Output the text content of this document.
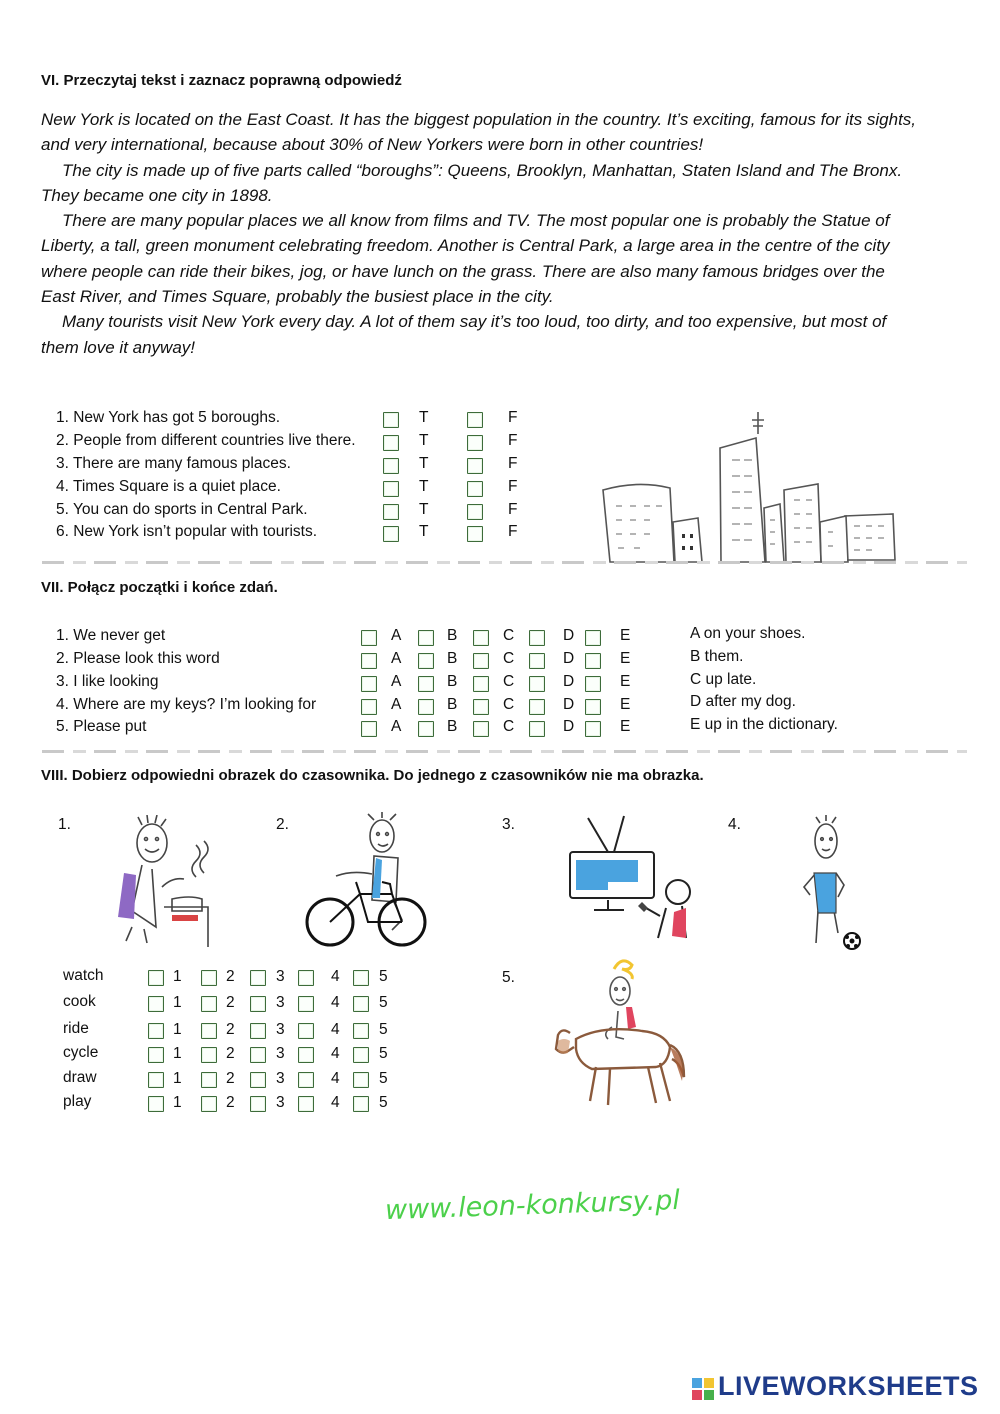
VI. Przeczytaj tekst i zaznacz poprawną odpowiedź

New York is located on the East Coast. It has the biggest population in the country. It’s exciting, famous for its sights, and very international, because about 30% of New Yorkers were born in other countries!

The city is made up of five parts called “boroughs”: Queens, Brooklyn, Manhattan, Staten Island and The Bronx. They became one city in 1898.

There are many popular places we all know from films and TV. The most popular one is probably the Statue of Liberty, a tall, green monument celebrating freedom. Another is Central Park, a large area in the centre of the city where people can ride their bikes, jog, or have lunch on the grass. There are also many famous bridges over the East River, and Times Square, probably the busiest place in the city.

Many tourists visit New York every day. A lot of them say it’s too loud, too dirty, and too expensive, but most of them love it anyway!

1. New York has got 5 boroughs.	T	F
2. People from different countries live there.	T	F
3. There are many famous places.	T	F
4. Times Square is a quiet place.	T	F
5. You can do sports in Central Park.	T	F
6. New York isn’t popular with tourists.	T	F
VII. Połącz początki i końce zdań.
1. We never get	A	B	C	D	E
2. Please look this word	A	B	C	D	E
3. I like looking	A	B	C	D	E
4. Where are my keys? I’m looking for	A	B	C	D	E
5. Please put	A	B	C	D	E
A on your shoes.
B them.
C up late.
D after my dog.
E up in the dictionary.
VIII. Dobierz odpowiedni obrazek do czasownika. Do jednego z czasowników nie ma obrazka.
1.	2.	3.	4.
5.
watch	1	2	3	4	5
cook	1	2	3	4	5
ride	1	2	3	4	5
cycle	1	2	3	4	5
draw	1	2	3	4	5
play	1	2	3	4	5
www.leon-konkursy.pl
LIVEWORKSHEETS
